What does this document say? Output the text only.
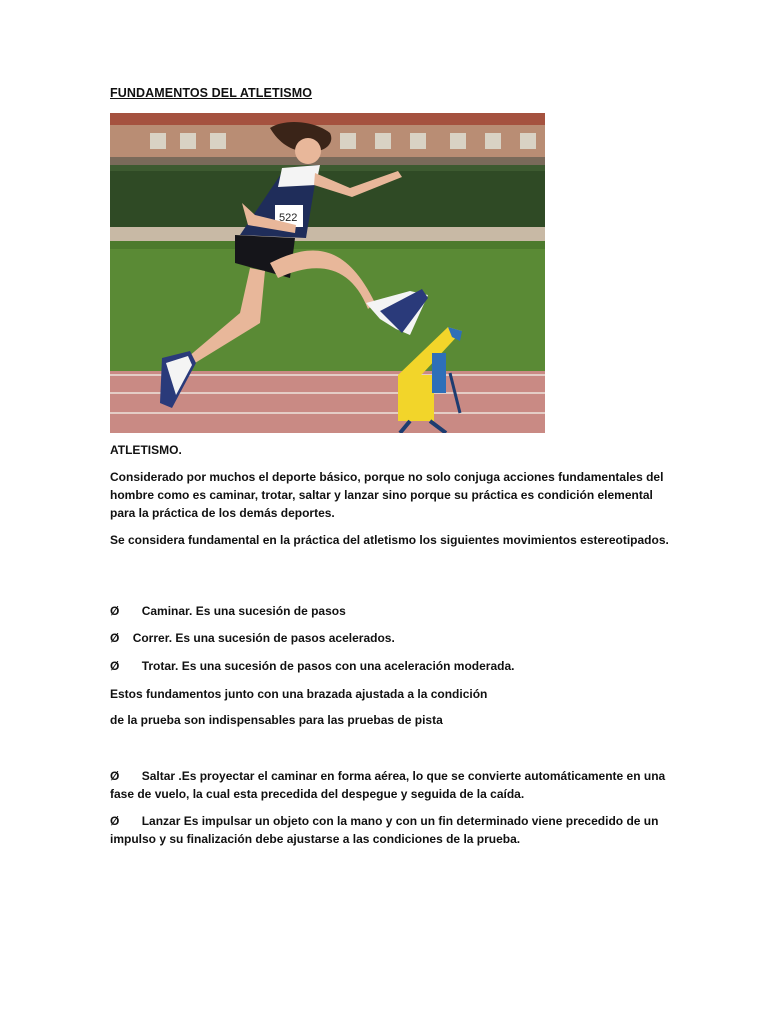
FUNDAMENTOS DEL ATLETISMO
522
ATLETISMO.

Considerado por muchos el deporte básico, porque no solo conjuga acciones fundamentales del hombre como es caminar, trotar, saltar y lanzar sino porque su práctica es condición elemental para la práctica de los demás deportes.

Se considera fundamental en la práctica del atletismo los siguientes movimientos estereotipados.

Ø Caminar. Es una sucesión de pasos
Ø Correr. Es una sucesión de pasos acelerados.
Ø Trotar. Es una sucesión de pasos con una aceleración moderada.
Estos fundamentos junto con una brazada ajustada a la condición
de la prueba son indispensables para las pruebas de pista

Ø Saltar .Es proyectar el caminar en forma aérea, lo que se convierte automáticamente en una fase de vuelo, la cual esta precedida del despegue y seguida de la caída.

Ø Lanzar Es impulsar un objeto con la mano y con un fin determinado viene precedido de un impulso y su finalización debe ajustarse a las condiciones de la prueba.
